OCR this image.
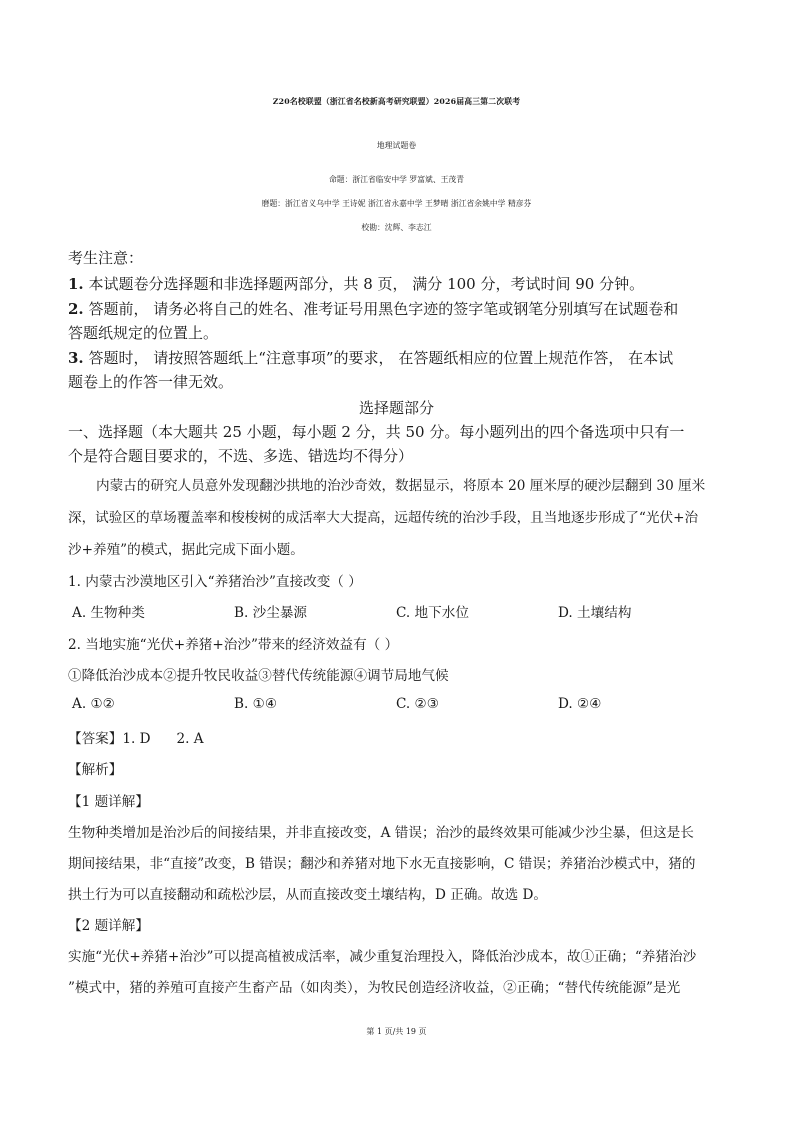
Z20名校联盟（浙江省名校新高考研究联盟）2026届高三第二次联考
地理试题卷
命题：浙江省临安中学 罗富斌、王茂青
磨题：浙江省义乌中学 王诗妮 浙江省永嘉中学 王梦晴 浙江省余姚中学 精彦芬
校勘：沈辉、李志江
考生注意：
1. 本试题卷分选择题和非选择题两部分，共 8 页， 满分 100 分，考试时间 90 分钟。
2. 答题前， 请务必将自己的姓名、准考证号用黑色字迹的签字笔或钢笔分别填写在试题卷和
答题纸规定的位置上。
3. 答题时， 请按照答题纸上“注意事项”的要求， 在答题纸相应的位置上规范作答， 在本试
题卷上的作答一律无效。
选择题部分
一、选择题（本大题共 25 小题，每小题 2 分，共 50 分。每小题列出的四个备选项中只有一
个是符合题目要求的，不选、多选、错选均不得分）
内蒙古的研究人员意外发现翻沙拱地的治沙奇效，数据显示，将原本 20 厘米厚的硬沙层翻到 30 厘米
深，试验区的草场覆盖率和梭梭树的成活率大大提高，远超传统的治沙手段，且当地逐步形成了“光伏+治
沙+养殖”的模式，据此完成下面小题。
1. 内蒙古沙漠地区引入“养猪治沙”直接改变（ ）
A. 生物种类	B. 沙尘暴源	C. 地下水位	D. 土壤结构
2. 当地实施“光伏+养猪+治沙”带来的经济效益有（ ）
①降低治沙成本②提升牧民收益③替代传统能源④调节局地气候
A. ①②	B. ①④	C. ②③	D. ②④
【答案】1. D      2. A
【解析】
【1 题详解】
生物种类增加是治沙后的间接结果，并非直接改变，A 错误；治沙的最终效果可能减少沙尘暴，但这是长
期间接结果，非“直接”改变，B 错误；翻沙和养猪对地下水无直接影响，C 错误；养猪治沙模式中，猪的
拱土行为可以直接翻动和疏松沙层，从而直接改变土壤结构，D 正确。故选 D。
【2 题详解】
实施“光伏+养猪+治沙”可以提高植被成活率，减少重复治理投入，降低治沙成本，故①正确；“养猪治沙
”模式中，猪的养殖可直接产生畜产品（如肉类），为牧民创造经济收益，②正确；“替代传统能源”是光
第 1 页/共 19 页
